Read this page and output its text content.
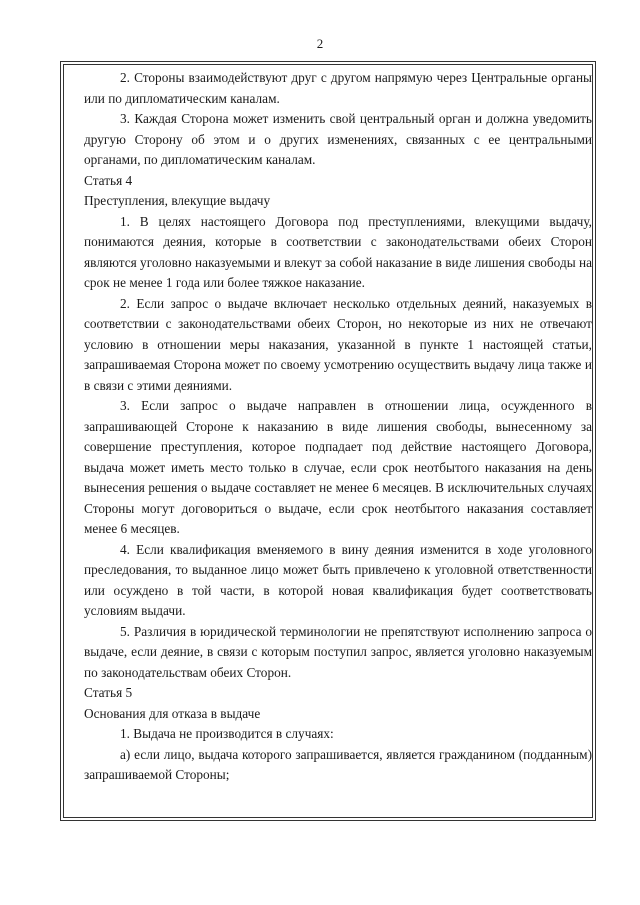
2

2. Стороны взаимодействуют друг с другом напрямую через Центральные органы или по дипломатическим каналам.

3. Каждая Сторона может изменить свой центральный орган и должна уведомить другую Сторону об этом и о других изменениях, связанных с ее центральными органами, по дипломатическим каналам.

Статья 4

Преступления, влекущие выдачу

1. В целях настоящего Договора под преступлениями, влекущими выдачу, понимаются деяния, которые в соответствии с законодательствами обеих Сторон являются уголовно наказуемыми и влекут за собой наказание в виде лишения свободы на срок не менее 1 года или более тяжкое наказание.

2. Если запрос о выдаче включает несколько отдельных деяний, наказуемых в соответствии с законодательствами обеих Сторон, но некоторые из них не отвечают условию в отношении меры наказания, указанной в пункте 1 настоящей статьи, запрашиваемая Сторона может по своему усмотрению осуществить выдачу лица также и в связи с этими деяниями.

3. Если запрос о выдаче направлен в отношении лица, осужденного в запрашивающей Стороне к наказанию в виде лишения свободы, вынесенному за совершение преступления, которое подпадает под действие настоящего Договора, выдача может иметь место только в случае, если срок неотбытого наказания на день вынесения решения о выдаче составляет не менее 6 месяцев. В исключительных случаях Стороны могут договориться о выдаче, если срок неотбытого наказания составляет менее 6 месяцев.

4. Если квалификация вменяемого в вину деяния изменится в ходе уголовного преследования, то выданное лицо может быть привлечено к уголовной ответственности или осуждено в той части, в которой новая квалификация будет соответствовать условиям выдачи.

5. Различия в юридической терминологии не препятствуют исполнению запроса о выдаче, если деяние, в связи с которым поступил запрос, является уголовно наказуемым по законодательствам обеих Сторон.

Статья 5

Основания для отказа в выдаче

1. Выдача не производится в случаях:

а) если лицо, выдача которого запрашивается, является гражданином (подданным) запрашиваемой Стороны;
